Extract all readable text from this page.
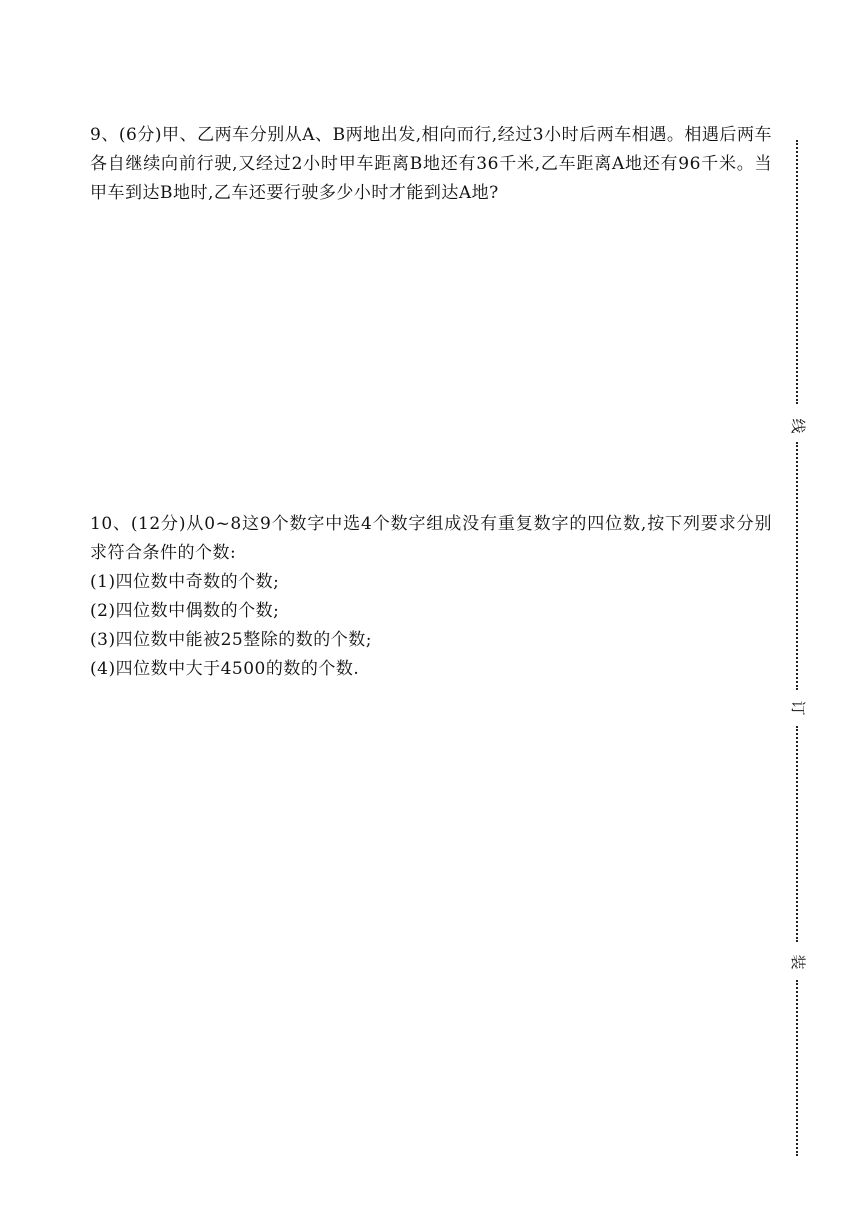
9、(6分)甲、乙两车分别从A、B两地出发,相向而行,经过3小时后两车相遇。相遇后两车各自继续向前行驶,又经过2小时甲车距离B地还有36千米,乙车距离A地还有96千米。当甲车到达B地时,乙车还要行驶多少小时才能到达A地?
10、(12分)从0~8这9个数字中选4个数字组成没有重复数字的四位数,按下列要求分别求符合条件的个数:
(1)四位数中奇数的个数;
(2)四位数中偶数的个数;
(3)四位数中能被25整除的数的个数;
(4)四位数中大于4500的数的个数.
线
订
装
